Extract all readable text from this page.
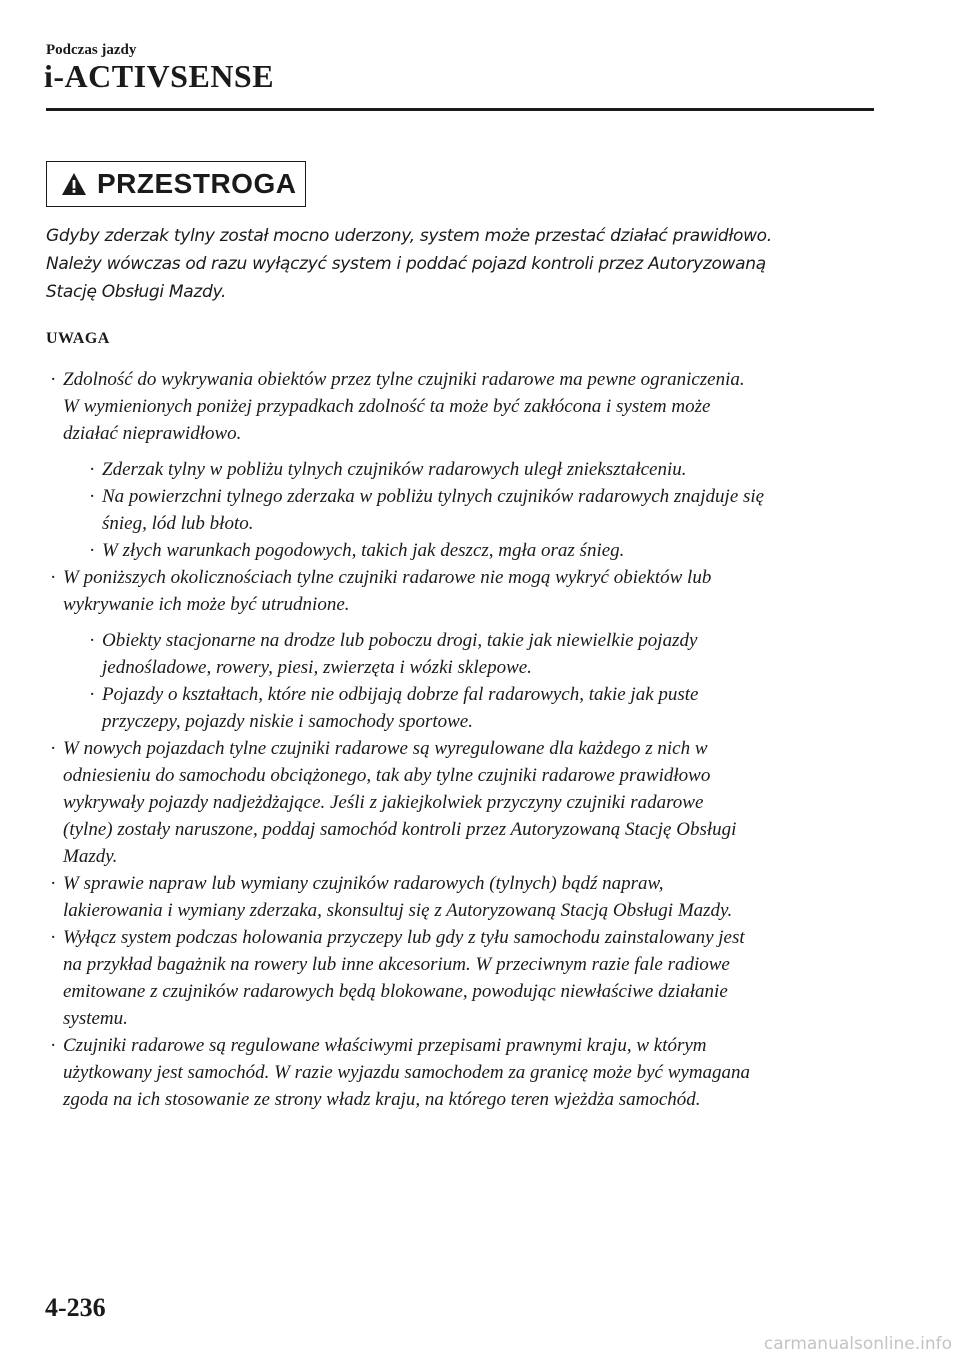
Podczas jazdy

i-ACTIVSENSE
PRZESTROGA

Gdyby zderzak tylny został mocno uderzony, system może przestać działać prawidłowo.
Należy wówczas od razu wyłączyć system i poddać pojazd kontroli przez Autoryzowaną
Stację Obsługi Mazdy.

UWAGA

· Zdolność do wykrywania obiektów przez tylne czujniki radarowe ma pewne ograniczenia.
W wymienionych poniżej przypadkach zdolność ta może być zakłócona i system może
działać nieprawidłowo.
· Zderzak tylny w pobliżu tylnych czujników radarowych uległ zniekształceniu.
· Na powierzchni tylnego zderzaka w pobliżu tylnych czujników radarowych znajduje się
śnieg, lód lub błoto.
· W złych warunkach pogodowych, takich jak deszcz, mgła oraz śnieg.
· W poniższych okolicznościach tylne czujniki radarowe nie mogą wykryć obiektów lub
wykrywanie ich może być utrudnione.
· Obiekty stacjonarne na drodze lub poboczu drogi, takie jak niewielkie pojazdy
jednośladowe, rowery, piesi, zwierzęta i wózki sklepowe.
· Pojazdy o kształtach, które nie odbijają dobrze fal radarowych, takie jak puste
przyczepy, pojazdy niskie i samochody sportowe.
· W nowych pojazdach tylne czujniki radarowe są wyregulowane dla każdego z nich w
odniesieniu do samochodu obciążonego, tak aby tylne czujniki radarowe prawidłowo
wykrywały pojazdy nadjeżdżające. Jeśli z jakiejkolwiek przyczyny czujniki radarowe
(tylne) zostały naruszone, poddaj samochód kontroli przez Autoryzowaną Stację Obsługi
Mazdy.
· W sprawie napraw lub wymiany czujników radarowych (tylnych) bądź napraw,
lakierowania i wymiany zderzaka, skonsultuj się z Autoryzowaną Stacją Obsługi Mazdy.
· Wyłącz system podczas holowania przyczepy lub gdy z tyłu samochodu zainstalowany jest
na przykład bagażnik na rowery lub inne akcesorium. W przeciwnym razie fale radiowe
emitowane z czujników radarowych będą blokowane, powodując niewłaściwe działanie
systemu.
· Czujniki radarowe są regulowane właściwymi przepisami prawnymi kraju, w którym
użytkowany jest samochód. W razie wyjazdu samochodem za granicę może być wymagana
zgoda na ich stosowanie ze strony władz kraju, na którego teren wjeżdża samochód.

4-236

carmanualsonline.info
